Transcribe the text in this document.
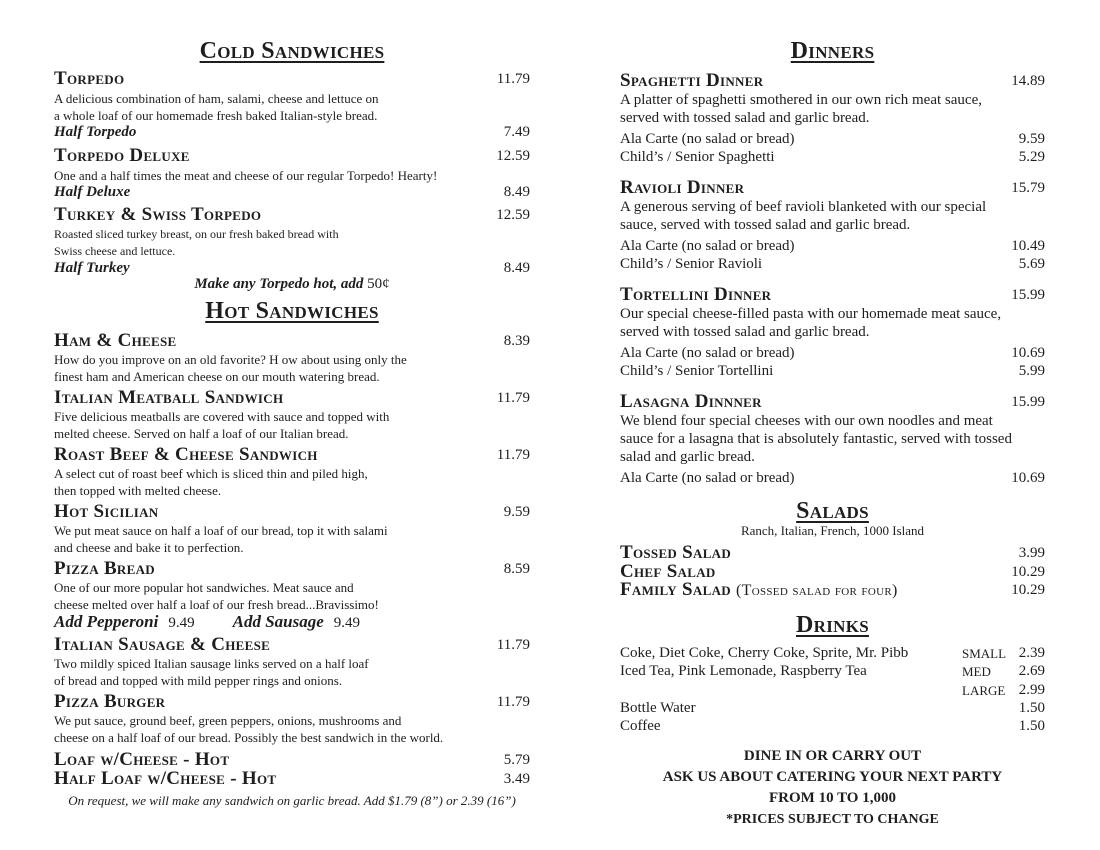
Cold Sandwiches
Torpedo	11.79
A delicious combination of ham, salami, cheese and lettuce on
a whole loaf of our homemade fresh baked Italian-style bread.
Half Torpedo	7.49
Torpedo Deluxe	12.59
One and a half times the meat and cheese of our regular Torpedo! Hearty!
Half Deluxe	8.49
Turkey & Swiss Torpedo	12.59
Roasted sliced turkey breast, on our fresh baked bread with
Swiss cheese and lettuce.
Half Turkey	8.49
Make any Torpedo hot, add 50¢
Hot Sandwiches
Ham & Cheese	8.39
How do you improve on an old favorite? H ow about using only the
finest ham and American cheese on our mouth watering bread.
Italian Meatball Sandwich	11.79
Five delicious meatballs are covered with sauce and topped with
melted cheese. Served on half a loaf of our Italian bread.
Roast Beef & Cheese Sandwich	11.79
A select cut of roast beef which is sliced thin and piled high,
then topped with melted cheese.
Hot Sicilian	9.59
We put meat sauce on half a loaf of our bread, top it with salami
and cheese and bake it to perfection.
Pizza Bread	8.59
One of our more popular hot sandwiches. Meat sauce and
cheese melted over half a loaf of our fresh bread...Bravissimo!
Add Pepperoni 9.49 Add Sausage 9.49
Italian Sausage & Cheese	11.79
Two mildly spiced Italian sausage links served on a half loaf
of bread and topped with mild pepper rings and onions.
Pizza Burger	11.79
We put sauce, ground beef, green peppers, onions, mushrooms and
cheese on a half loaf of our bread. Possibly the best sandwich in the world.
Loaf w/Cheese - Hot	5.79
Half Loaf w/Cheese - Hot	3.49
On request, we will make any sandwich on garlic bread. Add $1.79 (8”) or 2.39 (16”)
Dinners
Spaghetti Dinner	14.89
A platter of spaghetti smothered in our own rich meat sauce,
served with tossed salad and garlic bread.
Ala Carte (no salad or bread)	9.59
Child’s / Senior Spaghetti	5.29
Ravioli Dinner	15.79
A generous serving of beef ravioli blanketed with our special
sauce, served with tossed salad and garlic bread.
Ala Carte (no salad or bread)	10.49
Child’s / Senior Ravioli	5.69
Tortellini Dinner	15.99
Our special cheese-filled pasta with our homemade meat sauce,
served with tossed salad and garlic bread.
Ala Carte (no salad or bread)	10.69
Child’s / Senior Tortellini	5.99
Lasagna Dinnner	15.99
We blend four special cheeses with our own noodles and meat
sauce for a lasagna that is absolutely fantastic, served with tossed
salad and garlic bread.
Ala Carte (no salad or bread)	10.69
Salads
Ranch, Italian, French, 1000 Island
Tossed Salad	3.99
Chef Salad	10.29
Family Salad (Tossed salad for four)	10.29
Drinks
Coke, Diet Coke, Cherry Coke, Sprite, Mr. Pibb	SMALL 2.39
Iced Tea, Pink Lemonade, Raspberry Tea	MED 2.69
LARGE 2.99
Bottle Water	1.50
Coffee	1.50
DINE IN OR CARRY OUT
ASK US ABOUT CATERING YOUR NEXT PARTY
FROM 10 TO 1,000
*PRICES SUBJECT TO CHANGE
